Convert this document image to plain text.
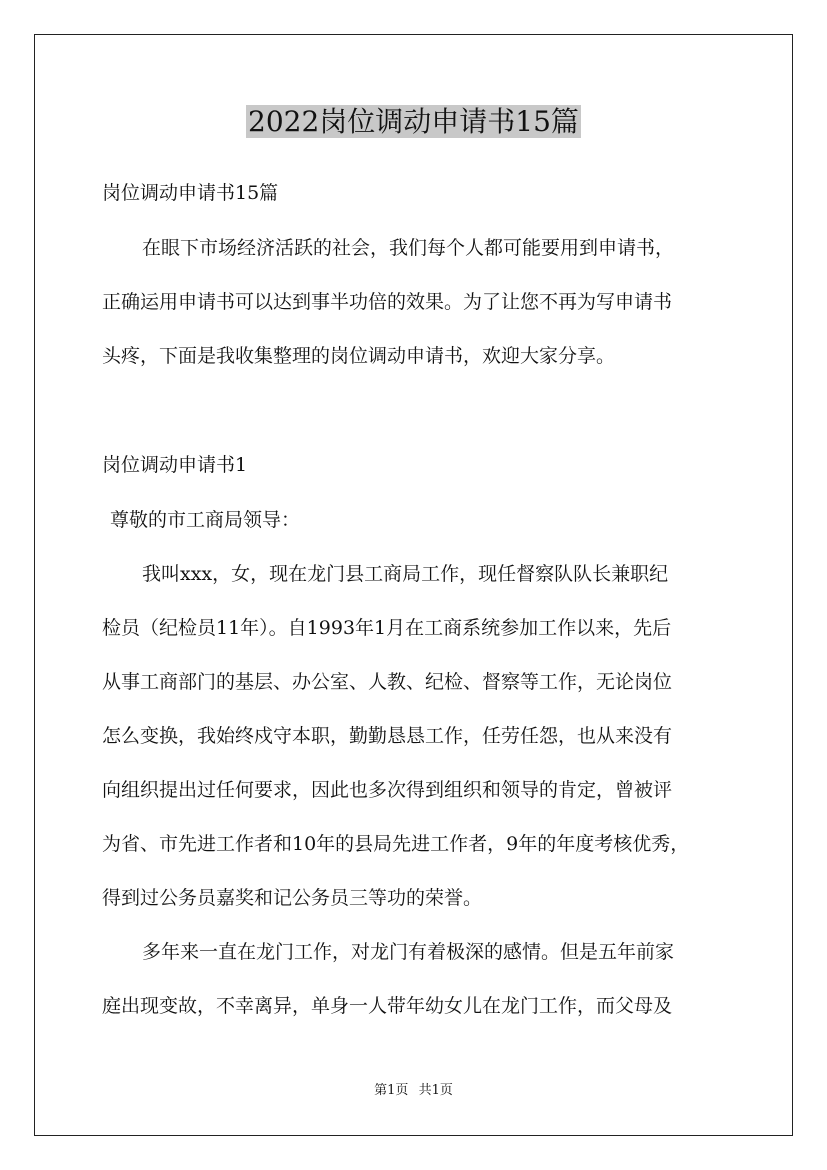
2022岗位调动申请书15篇
岗位调动申请书15篇
在眼下市场经济活跃的社会，我们每个人都可能要用到申请书，
正确运用申请书可以达到事半功倍的效果。为了让您不再为写申请书
头疼，下面是我收集整理的岗位调动申请书，欢迎大家分享。
岗位调动申请书1
尊敬的市工商局领导：
我叫xxx，女，现在龙门县工商局工作，现任督察队队长兼职纪
检员（纪检员11年）。自1993年1月在工商系统参加工作以来，先后
从事工商部门的基层、办公室、人教、纪检、督察等工作，无论岗位
怎么变换，我始终戍守本职，勤勤恳恳工作，任劳任怨，也从来没有
向组织提出过任何要求，因此也多次得到组织和领导的肯定，曾被评
为省、市先进工作者和10年的县局先进工作者，9年的年度考核优秀，
得到过公务员嘉奖和记公务员三等功的荣誉。
多年来一直在龙门工作，对龙门有着极深的感情。但是五年前家
庭出现变故，不幸离异，单身一人带年幼女儿在龙门工作，而父母及
第1页 共1页
